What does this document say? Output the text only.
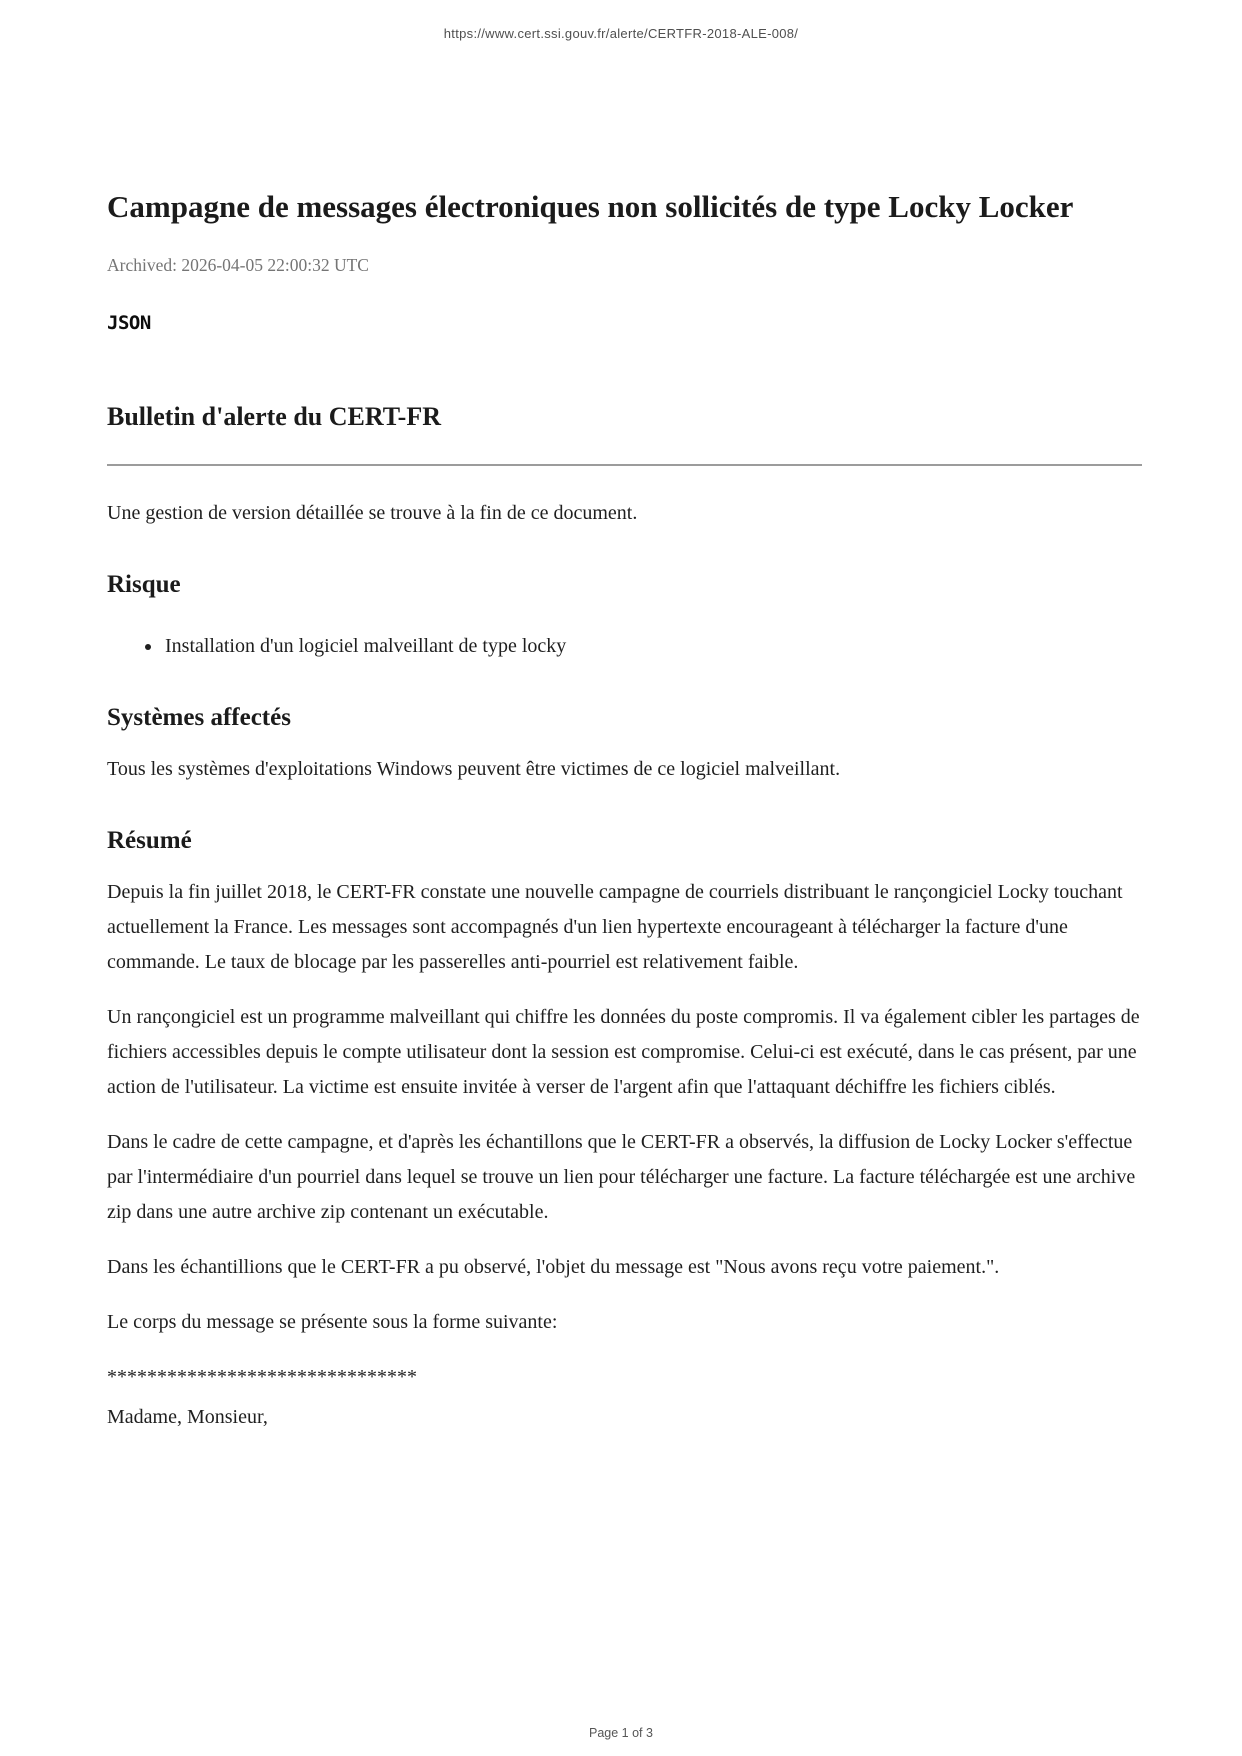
https://www.cert.ssi.gouv.fr/alerte/CERTFR-2018-ALE-008/
Campagne de messages électroniques non sollicités de type Locky Locker

Archived: 2026-04-05 22:00:32 UTC

JSON
Bulletin d'alerte du CERT-FR

Une gestion de version détaillée se trouve à la fin de ce document.

Risque
• Installation d'un logiciel malveillant de type locky
Systèmes affectés

Tous les systèmes d'exploitations Windows peuvent être victimes de ce logiciel malveillant.

Résumé

Depuis la fin juillet 2018, le CERT-FR constate une nouvelle campagne de courriels distribuant le rançongiciel Locky touchant actuellement la France. Les messages sont accompagnés d'un lien hypertexte encourageant à télécharger la facture d'une commande. Le taux de blocage par les passerelles anti-pourriel est relativement faible.

Un rançongiciel est un programme malveillant qui chiffre les données du poste compromis. Il va également cibler les partages de fichiers accessibles depuis le compte utilisateur dont la session est compromise. Celui-ci est exécuté, dans le cas présent, par une action de l'utilisateur. La victime est ensuite invitée à verser de l'argent afin que l'attaquant déchiffre les fichiers ciblés.

Dans le cadre de cette campagne, et d'après les échantillons que le CERT-FR a observés, la diffusion de Locky Locker s'effectue par l'intermédiaire d'un pourriel dans lequel se trouve un lien pour télécharger une facture. La facture téléchargée est une archive zip dans une autre archive zip contenant un exécutable.

Dans les échantillions que le CERT-FR a pu observé, l'objet du message est "Nous avons reçu votre paiement.".

Le corps du message se présente sous la forme suivante:

*******************************

Madame, Monsieur,

Page 1 of 3
